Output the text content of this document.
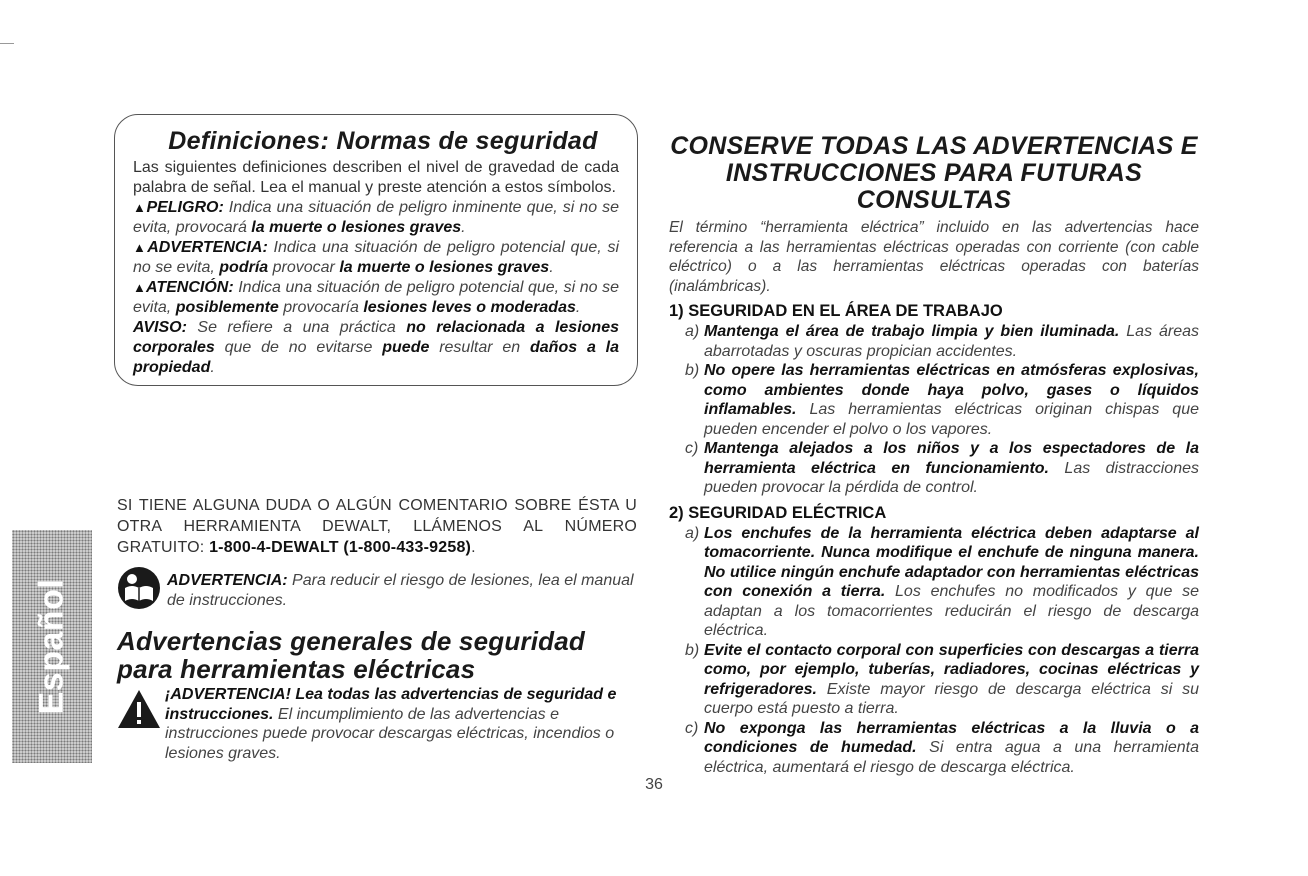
Definiciones: Normas de seguridad

Las siguientes definiciones describen el nivel de gravedad de cada palabra de señal. Lea el manual y preste atención a estos símbolos.

▲PELIGRO: Indica una situación de peligro inminente que, si no se evita, provocará la muerte o lesiones graves.

▲ADVERTENCIA: Indica una situación de peligro potencial que, si no se evita, podría provocar la muerte o lesiones graves.

▲ATENCIÓN: Indica una situación de peligro potencial que, si no se evita, posiblemente provocaría lesiones leves o moderadas.

AVISO: Se refiere a una práctica no relacionada a lesiones corporales que de no evitarse puede resultar en daños a la propiedad.

SI TIENE ALGUNA DUDA O ALGÚN COMENTARIO SOBRE ÉSTA U OTRA HERRAMIENTA DEWALT, LLÁMENOS AL NÚMERO GRATUITO: 1-800-4-DEWALT (1-800-433-9258).

ADVERTENCIA: Para reducir el riesgo de lesiones, lea el manual de instrucciones.

Advertencias generales de seguridad para herramientas eléctricas

¡ADVERTENCIA! Lea todas las advertencias de seguridad e instrucciones. El incumplimiento de las advertencias e instrucciones puede provocar descargas eléctricas, incendios o lesiones graves.

Español
CONSERVE TODAS LAS ADVERTENCIAS E INSTRUCCIONES PARA FUTURAS CONSULTAS

El término “herramienta eléctrica” incluido en las advertencias hace referencia a las herramientas eléctricas operadas con corriente (con cable eléctrico) o a las herramientas eléctricas operadas con baterías (inalámbricas).

1) SEGURIDAD EN EL ÁREA DE TRABAJO
a) Mantenga el área de trabajo limpia y bien iluminada. Las áreas abarrotadas y oscuras propician accidentes.
b) No opere las herramientas eléctricas en atmósferas explosivas, como ambientes donde haya polvo, gases o líquidos inflamables. Las herramientas eléctricas originan chispas que pueden encender el polvo o los vapores.
c) Mantenga alejados a los niños y a los espectadores de la herramienta eléctrica en funcionamiento. Las distracciones pueden provocar la pérdida de control.
2) SEGURIDAD ELÉCTRICA
a) Los enchufes de la herramienta eléctrica deben adaptarse al tomacorriente. Nunca modifique el enchufe de ninguna manera. No utilice ningún enchufe adaptador con herramientas eléctricas con conexión a tierra. Los enchufes no modificados y que se adaptan a los tomacorrientes reducirán el riesgo de descarga eléctrica.
b) Evite el contacto corporal con superficies con descargas a tierra como, por ejemplo, tuberías, radiadores, cocinas eléctricas y refrigeradores. Existe mayor riesgo de descarga eléctrica si su cuerpo está puesto a tierra.
c) No exponga las herramientas eléctricas a la lluvia o a condiciones de humedad. Si entra agua a una herramienta eléctrica, aumentará el riesgo de descarga eléctrica.
36
